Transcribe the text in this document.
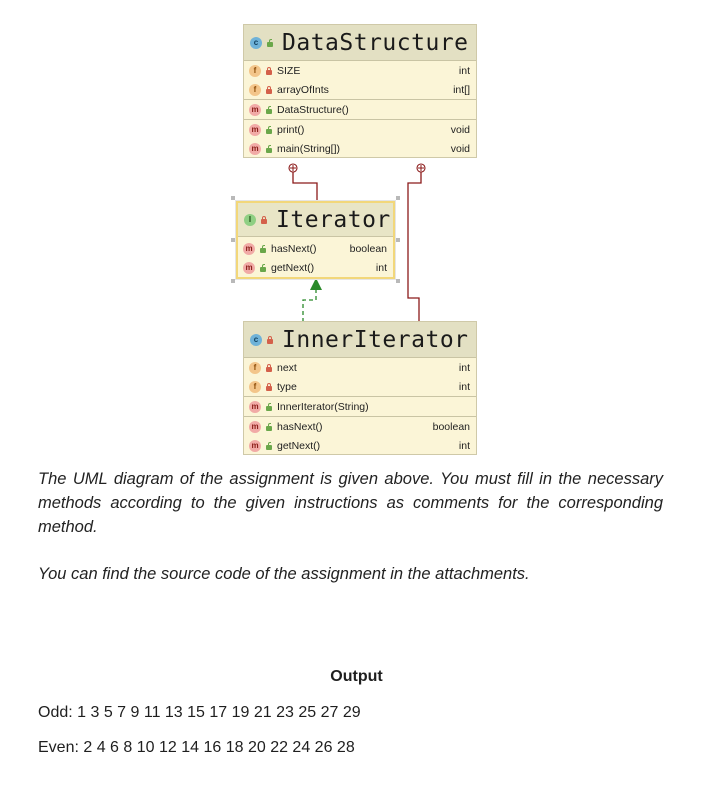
c DataStructure
f	SIZE	int
f	arrayOfInts	int[]
m DataStructure()
m print()	void
m main(String[])	void
I Iterator
m hasNext()	boolean
m getNext()	int
c InnerIterator
f	next	int
f	type	int
m InnerIterator(String)
m hasNext()	boolean
m getNext()	int

The UML diagram of the assignment is given above. You must fill in the necessary methods according to the given instructions as comments for the corresponding method.

You can find the source code of the assignment in the attachments.

Output
Odd: 1 3 5 7 9 11 13 15 17 19 21 23 25 27 29
Even: 2 4 6 8 10 12 14 16 18 20 22 24 26 28
